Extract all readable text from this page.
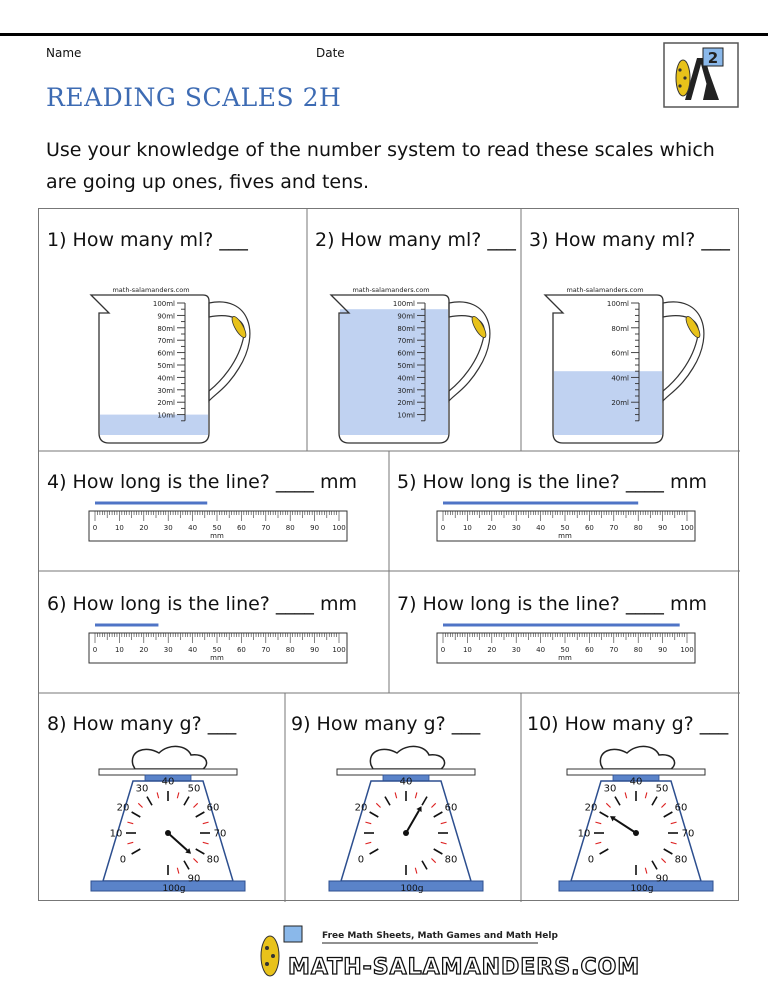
Name	Date	2
READING SCALES 2H
Use your knowledge of the number system to read these scales which are going up ones, fives and tens.
1) How many ml? ___	2) How many ml? ___ 3) How many ml? ___
4) How long is the line? ____ mm 5) How long is the line? ____ mm
6) How long is the line? ____ mm 7) How long is the line? ____ mm
8) How many g? ___	9) How many g? ___ 10) How many g? ___
math-salamanders.com
100ml
90ml
80ml
70ml
60ml
50ml
40ml
30ml
20ml
10ml
math-salamanders.com
100ml
90ml
80ml
70ml
60ml
50ml
40ml
30ml
20ml
10ml
math-salamanders.com
100ml
80ml
60ml
40ml
20ml
0	10 20 30 40 50 60 70 80 90 100
mm
0	10 20 30 40 50 60 70 80 90 100
mm
0	10 20 30 40 50 60 70 80 90 100
mm
0	10 20 30 40 50 60 70 80 90 100
mm
0
10
20
30
40
50
60
70
80
90
100g
0
20
40
60
80
100g
0
10
20
30
40
50
60
70
80
90
100g
Free Math Sheets, Math Games and Math Help
MATH-SALAMANDERS.COM
